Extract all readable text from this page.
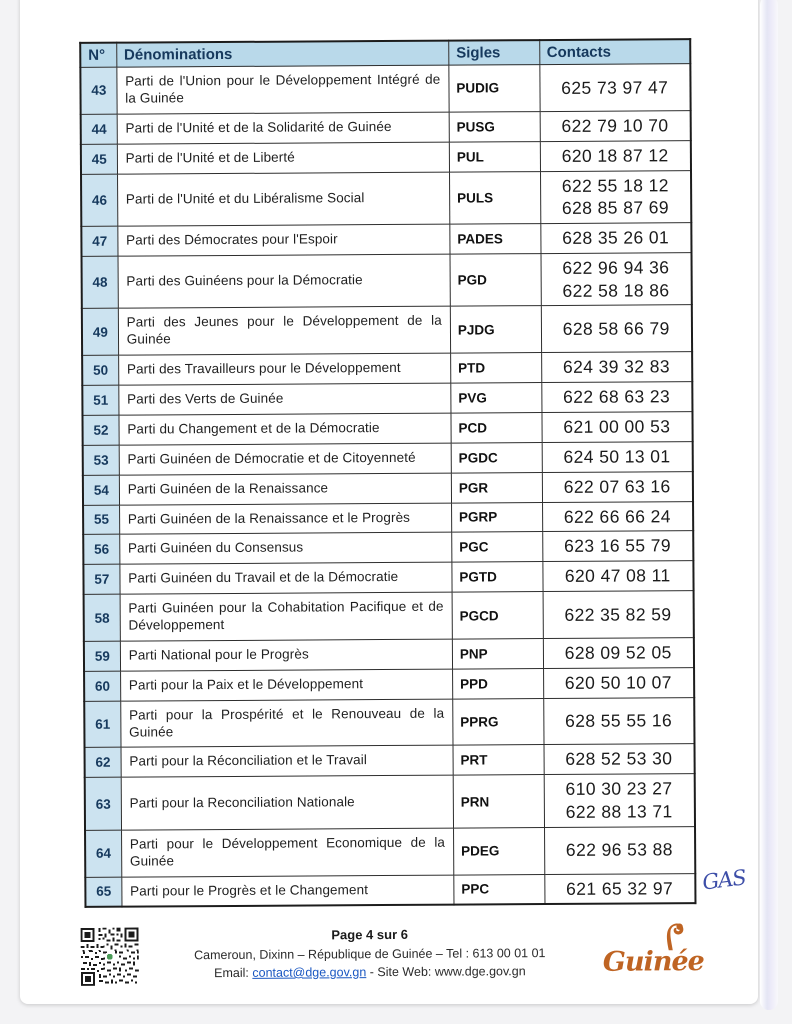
N°	Dénominations	Sigles	Contacts
43	Parti de l'Union pour le Développement Intégré de la Guinée	PUDIG	625 73 97 47
44	Parti de l'Unité et de la Solidarité de Guinée	PUSG	622 79 10 70
45	Parti de l'Unité et de Liberté	PUL	620 18 87 12
46	Parti de l'Unité et du Libéralisme Social	PULS	622 55 18 12
628 85 87 69
47	Parti des Démocrates pour l'Espoir	PADES	628 35 26 01
48	Parti des Guinéens pour la Démocratie	PGD	622 96 94 36
622 58 18 86
49	Parti des Jeunes pour le Développement de la Guinée	PJDG	628 58 66 79
50	Parti des Travailleurs pour le Développement	PTD	624 39 32 83
51	Parti des Verts de Guinée	PVG	622 68 63 23
52	Parti du Changement et de la Démocratie	PCD	621 00 00 53
53	Parti Guinéen de Démocratie et de Citoyenneté	PGDC	624 50 13 01
54	Parti Guinéen de la Renaissance	PGR	622 07 63 16
55	Parti Guinéen de la Renaissance et le Progrès	PGRP	622 66 66 24
56	Parti Guinéen du Consensus	PGC	623 16 55 79
57	Parti Guinéen du Travail et de la Démocratie	PGTD	620 47 08 11
58	Parti Guinéen pour la Cohabitation Pacifique et de Développement	PGCD	622 35 82 59
59	Parti National pour le Progrès	PNP	628 09 52 05
60	Parti pour la Paix et le Développement	PPD	620 50 10 07
61	Parti pour la Prospérité et le Renouveau de la Guinée	PPRG	628 55 55 16
62	Parti pour la Réconciliation et le Travail	PRT	628 52 53 30
63	Parti pour la Reconciliation Nationale	PRN	610 30 23 27
622 88 13 71
64	Parti pour le Développement Economique de la Guinée	PDEG	622 96 53 88
65	Parti pour le Progrès et le Changement	PPC	621 65 32 97 GAS
Page 4 sur 6
Cameroun, Dixinn – République de Guinée – Tel : 613 00 01 01
Email: contact@dge.gov.gn - Site Web: www.dge.gov.gn	Guinée
